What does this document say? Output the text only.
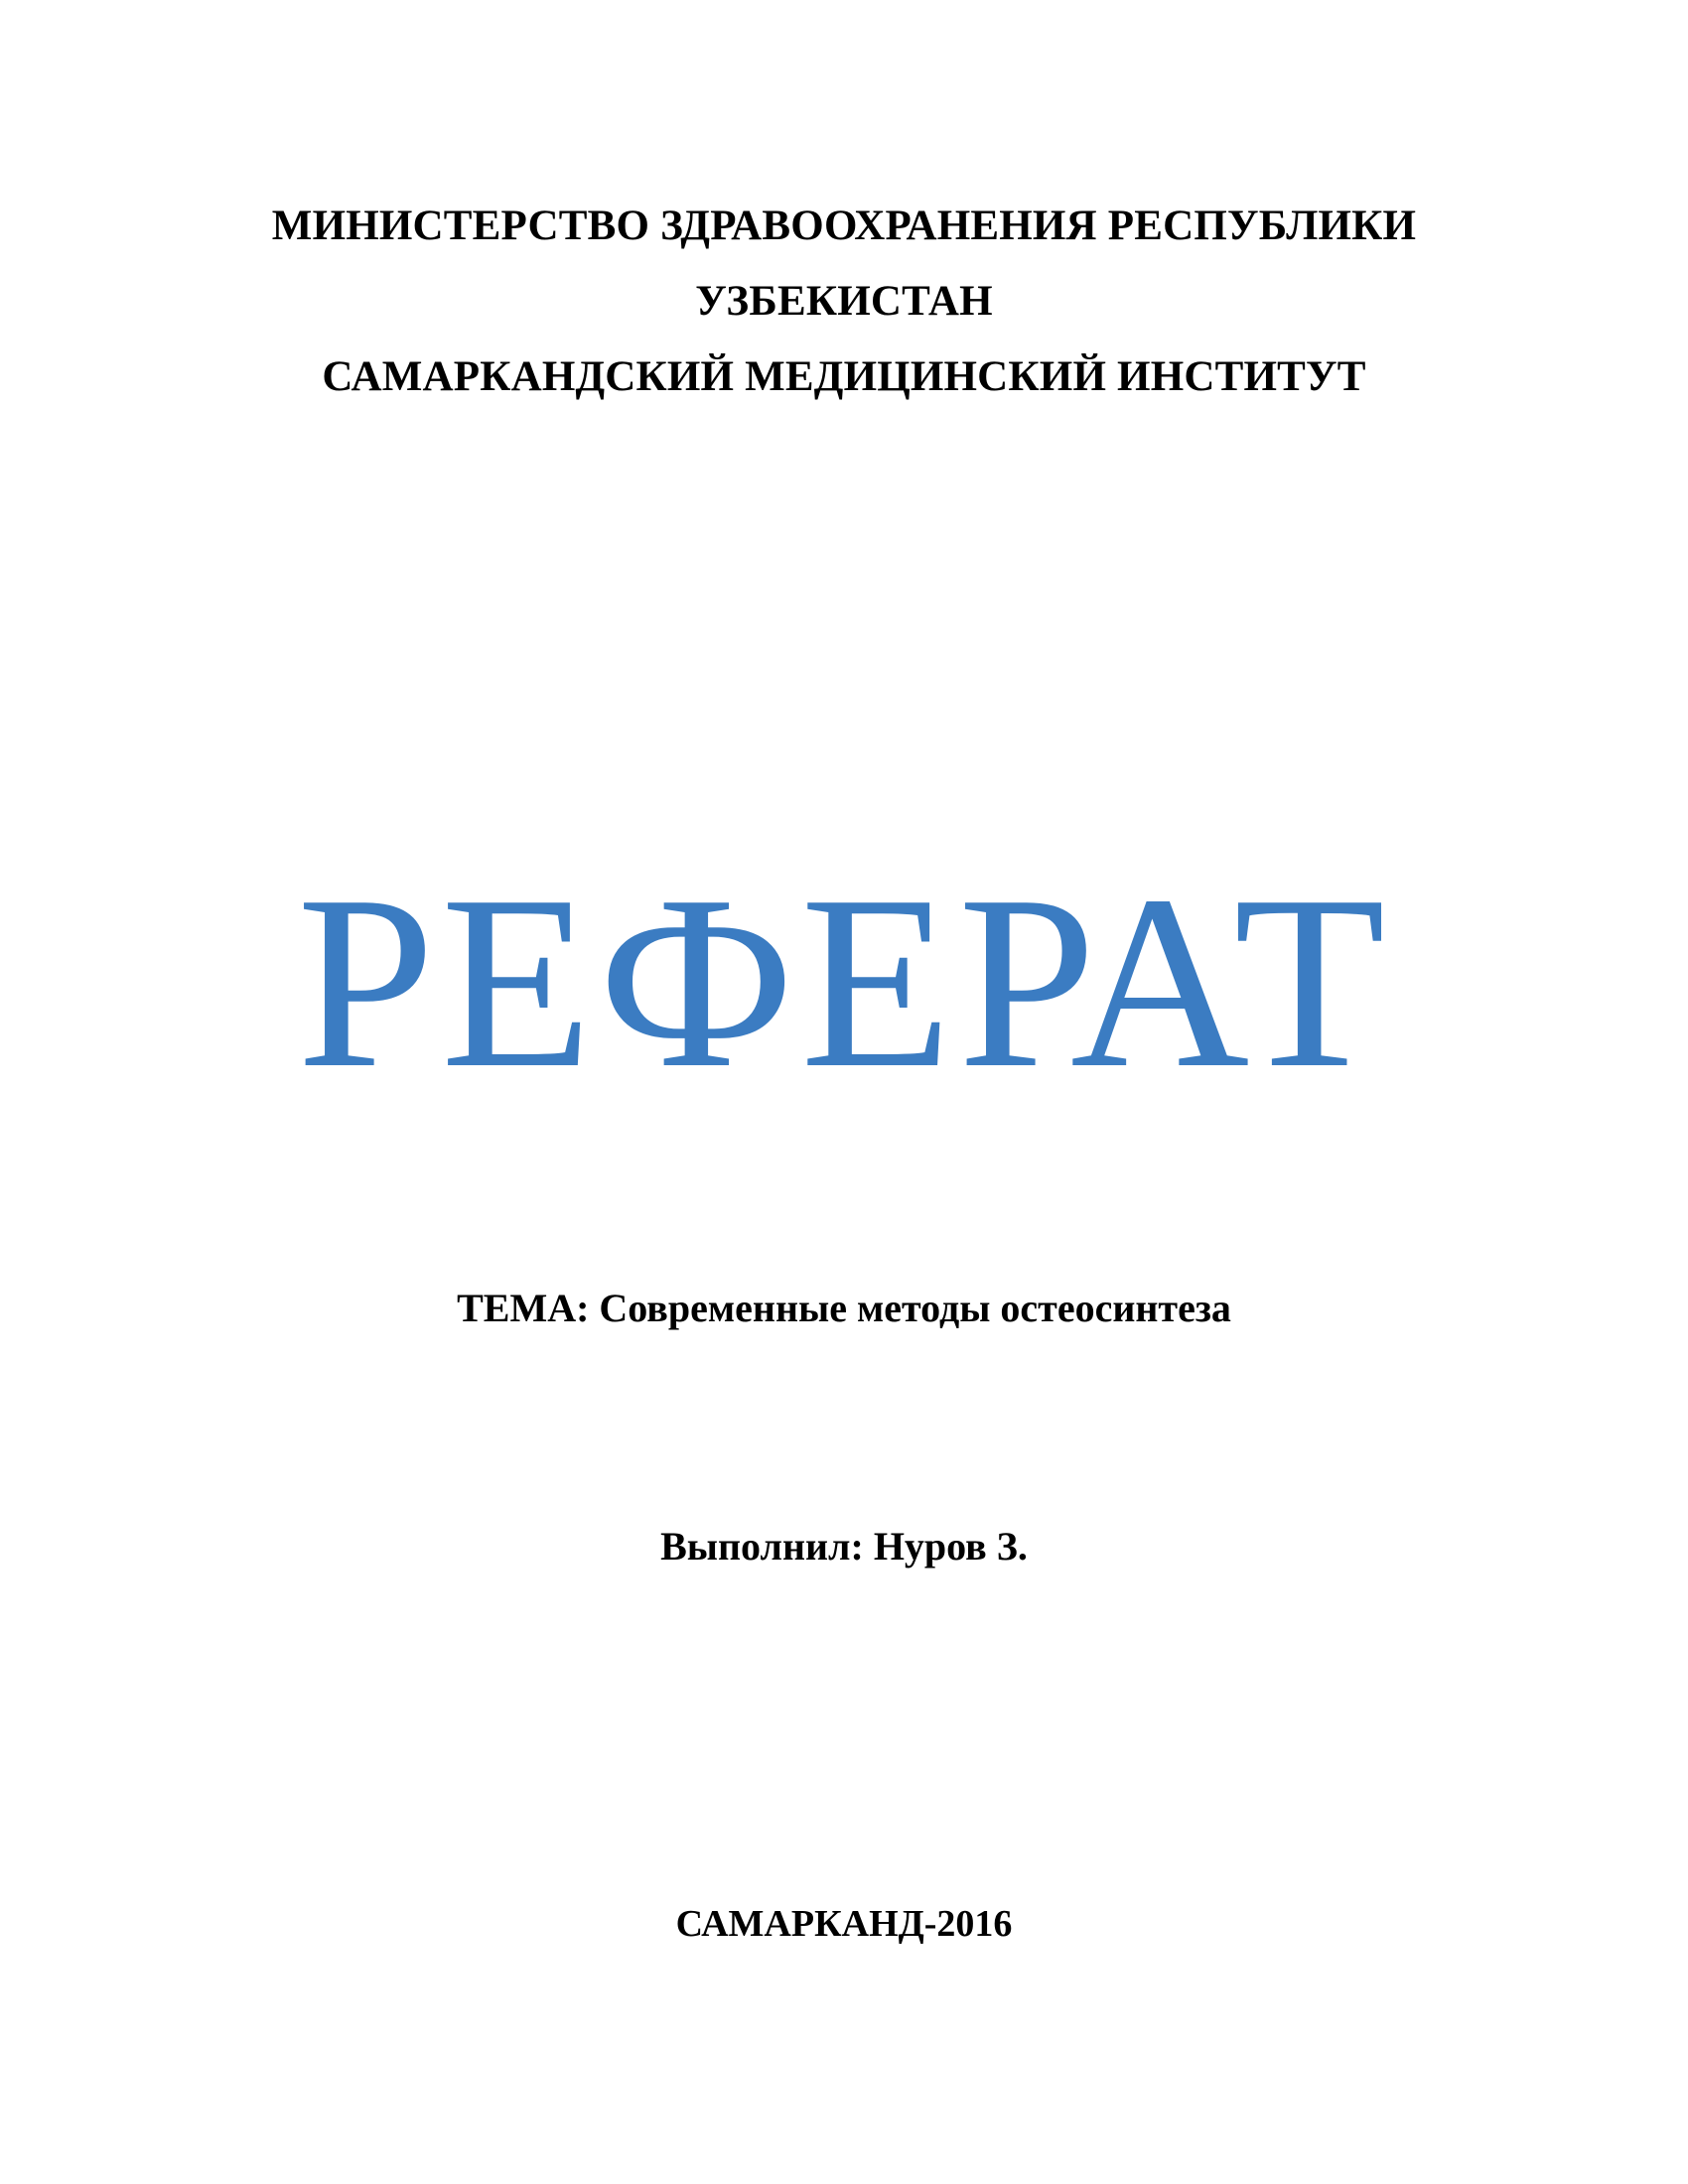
МИНИСТЕРСТВО ЗДРАВООХРАНЕНИЯ РЕСПУБЛИКИ
УЗБЕКИСТАН
САМАРКАНДСКИЙ МЕДИЦИНСКИЙ ИНСТИТУТ
РЕФЕРАТ
ТЕМА: Современные методы остеосинтеза
Выполнил: Нуров З.
САМАРКАНД-2016
